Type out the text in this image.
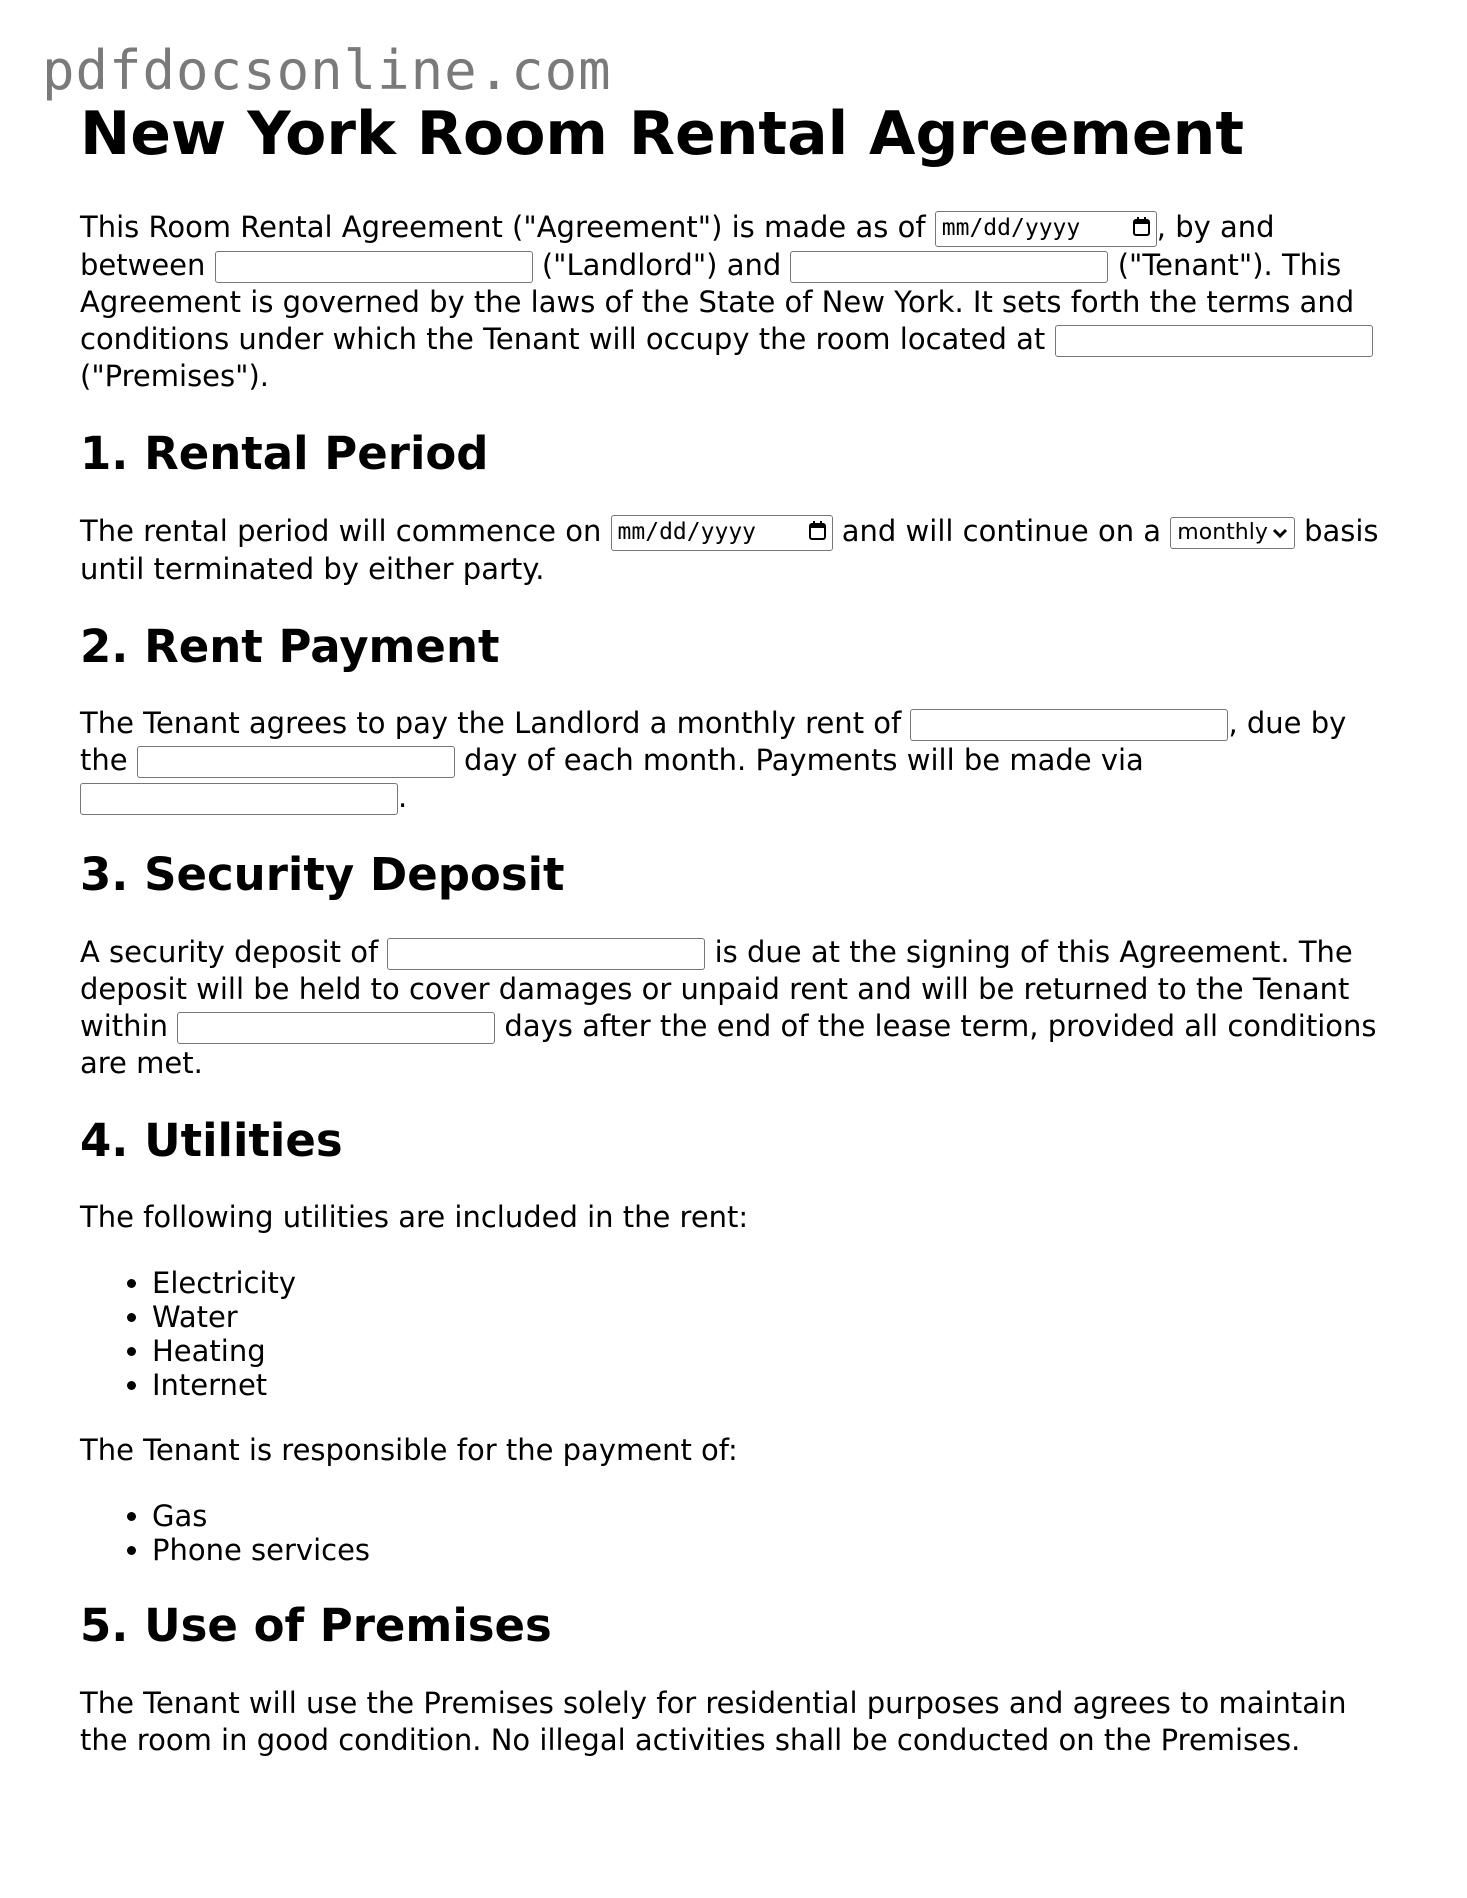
pdfdocsonline.com
New York Room Rental Agreement

This Room Rental Agreement ("Agreement") is made as of mm/dd/yyyy	, by and between	("Landlord") and	("Tenant"). This Agreement is governed by the laws of the State of New York. It sets forth the terms and conditions under which the Tenant will occupy the room located at  ("Premises").

1. Rental Period

The rental period will commence on mm/dd/yyyy	and will continue on a monthly basis until terminated by either party.

2. Rent Payment

The Tenant agrees to pay the Landlord a monthly rent of	, due by the	day of each month. Payments will be made via .

3. Security Deposit

A security deposit of	is due at the signing of this Agreement. The deposit will be held to cover damages or unpaid rent and will be returned to the Tenant within	days after the end of the lease term, provided all conditions are met.

4. Utilities

The following utilities are included in the rent:

• Electricity
• Water
• Heating
• Internet

The Tenant is responsible for the payment of:

• Gas
• Phone services
5. Use of Premises

The Tenant will use the Premises solely for residential purposes and agrees to maintain the room in good condition. No illegal activities shall be conducted on the Premises.
